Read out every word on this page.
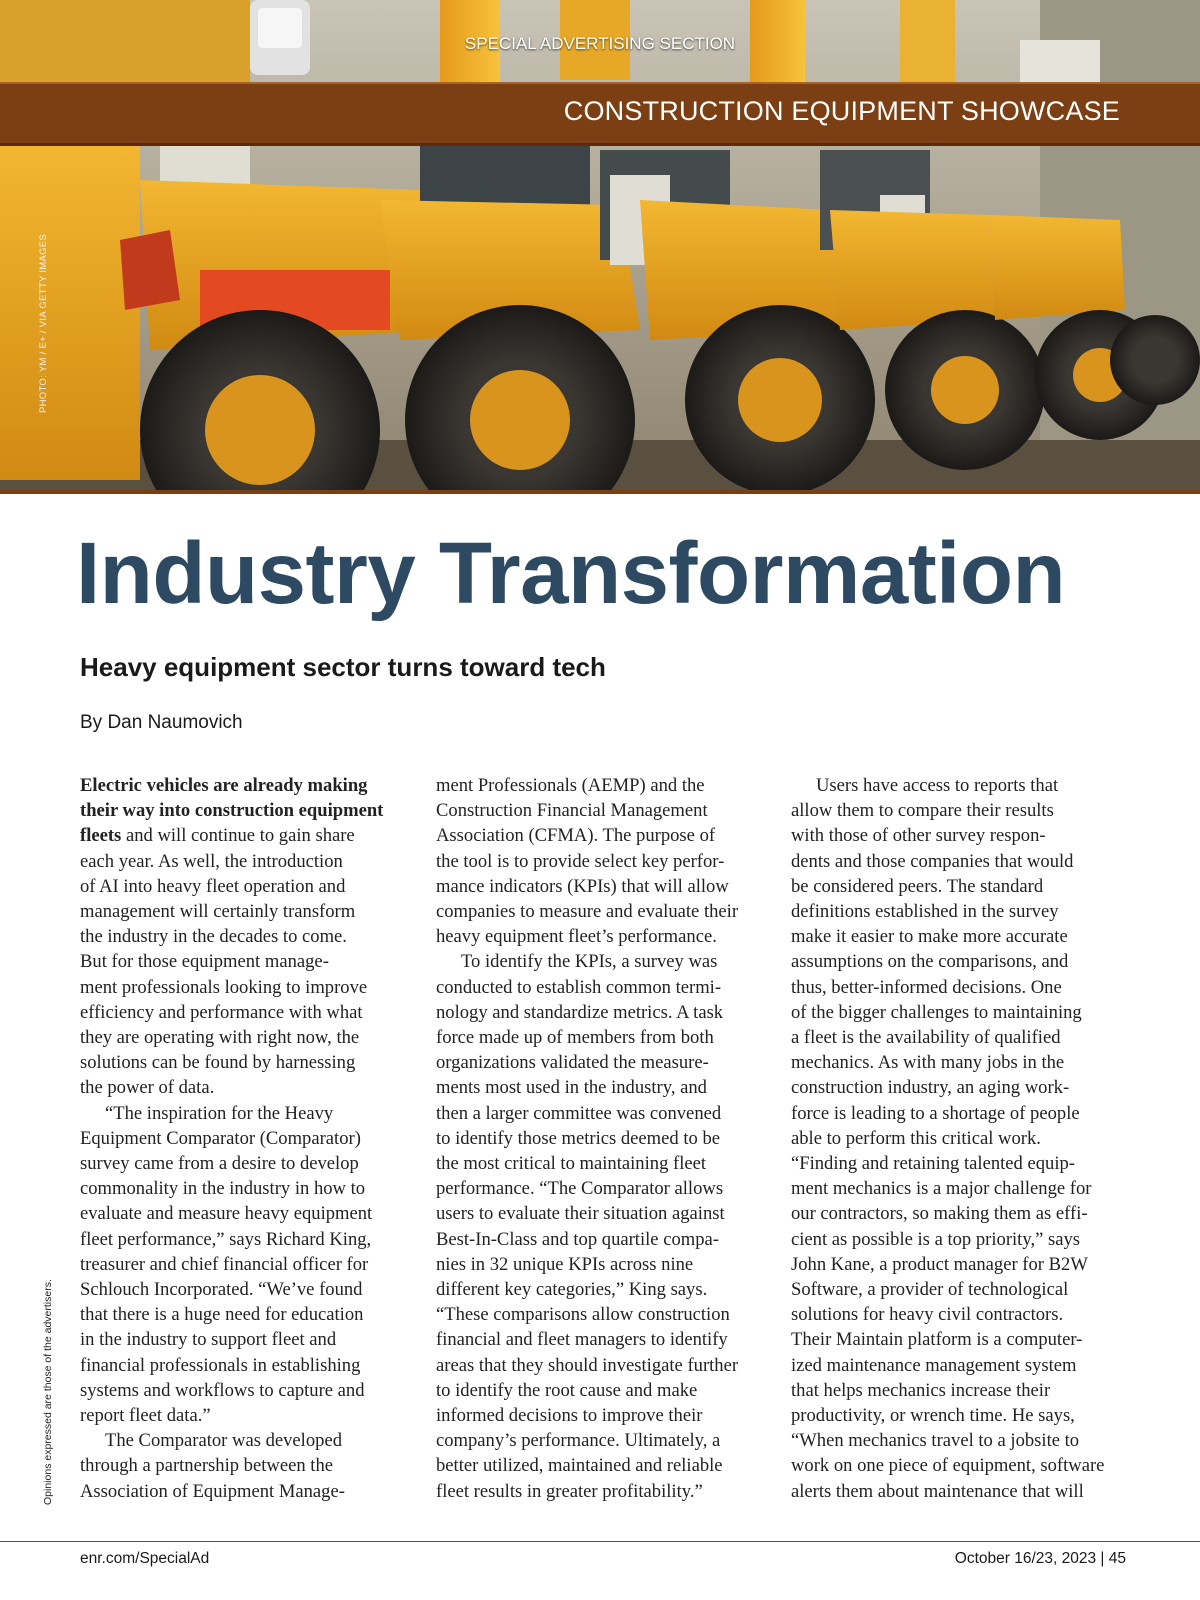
CONSTRUCTION EQUIPMENT SHOWCASE
SPECIAL ADVERTISING SECTION
PHOTO: YM / E+ / VIA GETTY IMAGES
Industry Transformation
Heavy equipment sector turns toward tech
By Dan Naumovich
Electric vehicles are already making
their way into construction equipment
fleets and will continue to gain share
each year. As well, the introduction
of AI into heavy fleet operation and
management will certainly transform
the industry in the decades to come.
But for those equipment manage-
ment professionals looking to improve
efficiency and performance with what
they are operating with right now, the
solutions can be found by harnessing
the power of data.
“The inspiration for the Heavy
Equipment Comparator (Comparator)
survey came from a desire to develop
commonality in the industry in how to
evaluate and measure heavy equipment
fleet performance,” says Richard King,
treasurer and chief financial officer for
Schlouch Incorporated. “We’ve found
that there is a huge need for education
in the industry to support fleet and
financial professionals in establishing
systems and workflows to capture and
report fleet data.”
The Comparator was developed
through a partnership between the
Association of Equipment Manage-
ment Professionals (AEMP) and the
Construction Financial Management
Association (CFMA). The purpose of
the tool is to provide select key perfor-
mance indicators (KPIs) that will allow
companies to measure and evaluate their
heavy equipment fleet’s performance.
To identify the KPIs, a survey was
conducted to establish common termi-
nology and standardize metrics. A task
force made up of members from both
organizations validated the measure-
ments most used in the industry, and
then a larger committee was convened
to identify those metrics deemed to be
the most critical to maintaining fleet
performance. “The Comparator allows
users to evaluate their situation against
Best-In-Class and top quartile compa-
nies in 32 unique KPIs across nine
different key categories,” King says.
“These comparisons allow construction
financial and fleet managers to identify
areas that they should investigate further
to identify the root cause and make
informed decisions to improve their
company’s performance. Ultimately, a
better utilized, maintained and reliable
fleet results in greater profitability.”
Users have access to reports that
allow them to compare their results
with those of other survey respon-
dents and those companies that would
be considered peers. The standard
definitions established in the survey
make it easier to make more accurate
assumptions on the comparisons, and
thus, better-informed decisions. One
of the bigger challenges to maintaining
a fleet is the availability of qualified
mechanics. As with many jobs in the
construction industry, an aging work-
force is leading to a shortage of people
able to perform this critical work.
“Finding and retaining talented equip-
ment mechanics is a major challenge for
our contractors, so making them as effi-
cient as possible is a top priority,” says
John Kane, a product manager for B2W
Software, a provider of technological
solutions for heavy civil contractors.
Their Maintain platform is a computer-
ized maintenance management system
that helps mechanics increase their
productivity, or wrench time. He says,
“When mechanics travel to a jobsite to
work on one piece of equipment, software
alerts them about maintenance that will
Opinions expressed are those of the advertisers.
enr.com/SpecialAd	October 16/23, 2023 | 45
